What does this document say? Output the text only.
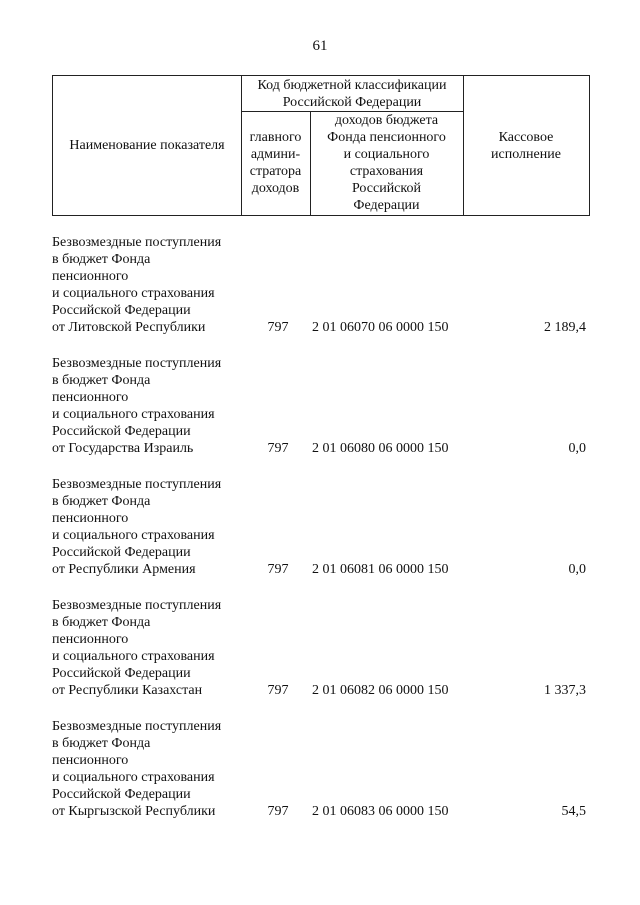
61
Наименование показателя
Код бюджетной классификации
Российской Федерации
главного
админи-
стратора
доходов
доходов бюджета
Фонда пенсионного
и социального
страхования
Российской
Федерации
Кассовое
исполнение
Безвозмездные поступления
в бюджет Фонда
пенсионного
и социального страхования
Российской Федерации
от Литовской Республики	797	2 01 06070 06 0000 150	2 189,4
Безвозмездные поступления
в бюджет Фонда
пенсионного
и социального страхования
Российской Федерации
от Государства Израиль	797	2 01 06080 06 0000 150	0,0
Безвозмездные поступления
в бюджет Фонда
пенсионного
и социального страхования
Российской Федерации
от Республики Армения	797	2 01 06081 06 0000 150	0,0
Безвозмездные поступления
в бюджет Фонда
пенсионного
и социального страхования
Российской Федерации
от Республики Казахстан	797	2 01 06082 06 0000 150	1 337,3
Безвозмездные поступления
в бюджет Фонда
пенсионного
и социального страхования
Российской Федерации
от Кыргызской Республики	797	2 01 06083 06 0000 150	54,5
